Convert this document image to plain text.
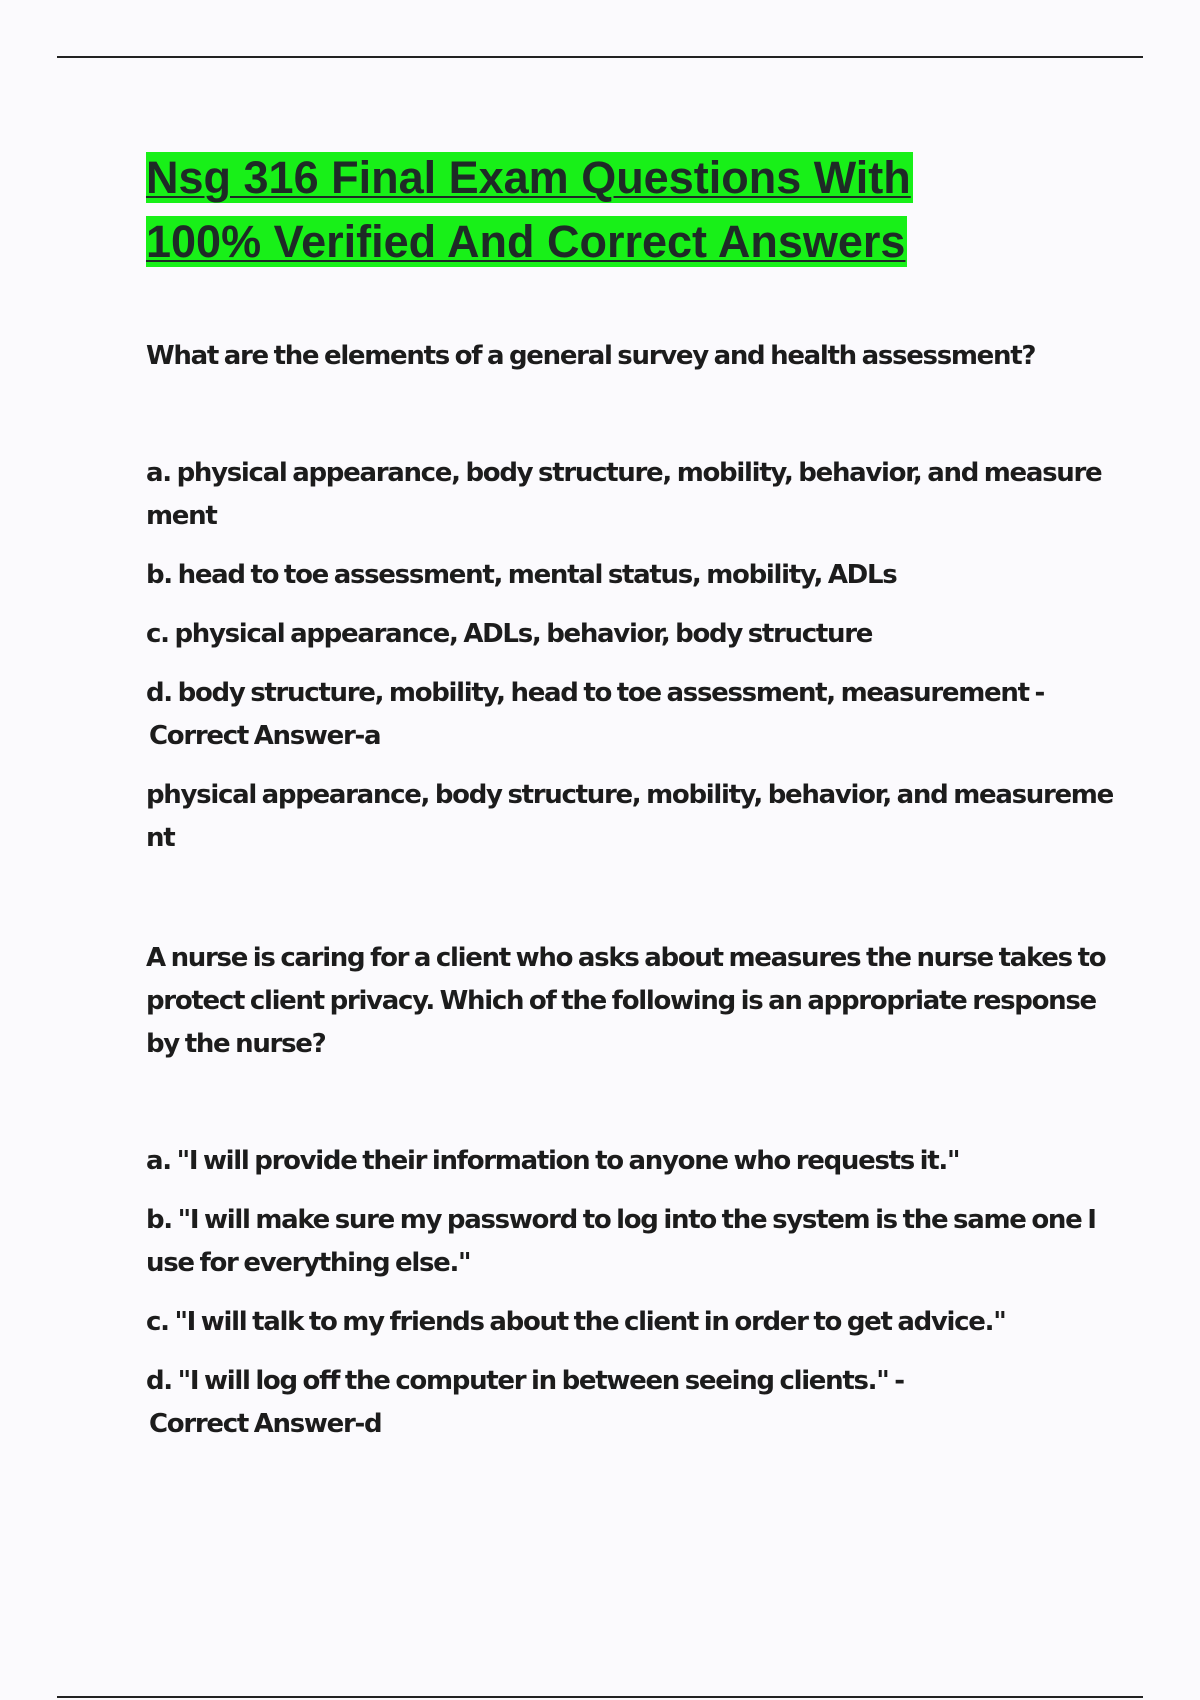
Nsg 316 Final Exam Questions With
100% Verified And Correct Answers

What are the elements of a general survey and health assessment?

a. physical appearance, body structure, mobility, behavior, and measurement
b. head to toe assessment, mental status, mobility, ADLs
c. physical appearance, ADLs, behavior, body structure
d. body structure, mobility, head to toe assessment, measurement -
Correct Answer-a

physical appearance, body structure, mobility, behavior, and measurement

A nurse is caring for a client who asks about measures the nurse takes to protect client privacy. Which of the following is an appropriate response by the nurse?

a. "I will provide their information to anyone who requests it."
b. "I will make sure my password to log into the system is the same one I use for everything else."
c. "I will talk to my friends about the client in order to get advice."
d. "I will log off the computer in between seeing clients." -
Correct Answer-d
